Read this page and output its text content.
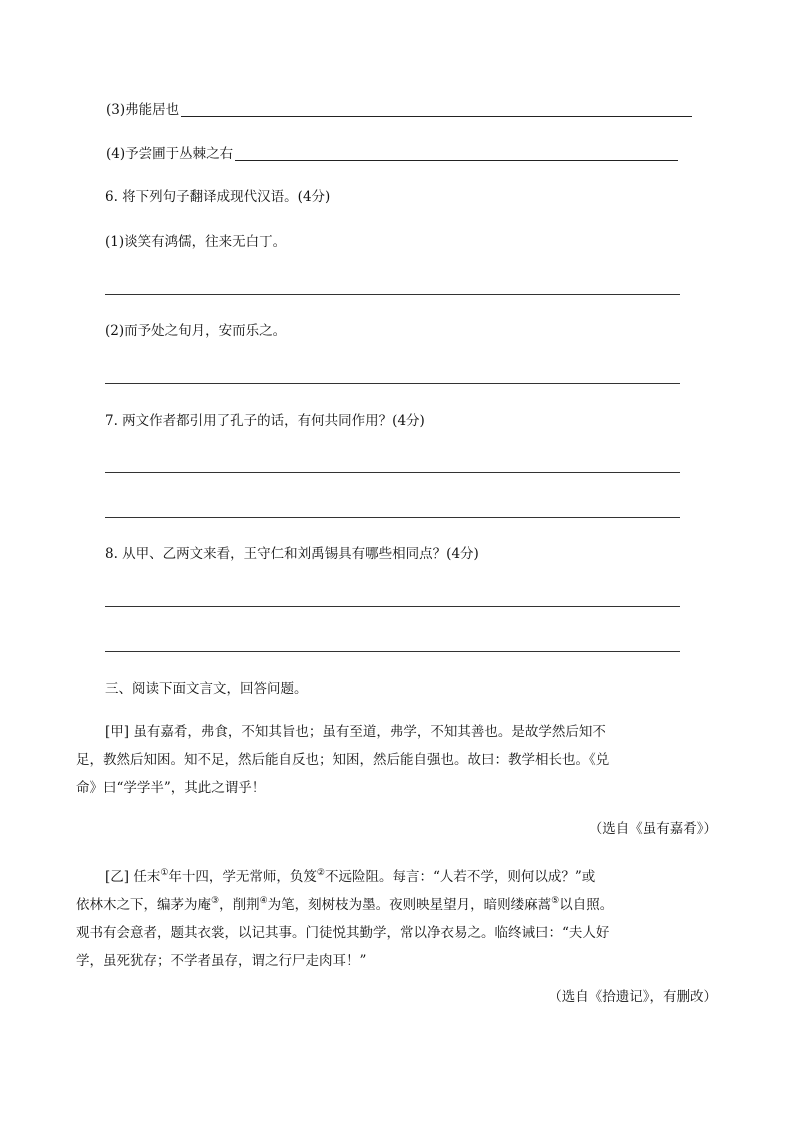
(3)弗能居也
(4)予尝圃于丛棘之右
6. 将下列句子翻译成现代汉语。(4分)
(1)谈笑有鸿儒，往来无白丁。
(2)而予处之旬月，安而乐之。
7. 两文作者都引用了孔子的话，有何共同作用？(4分)
8. 从甲、乙两文来看，王守仁和刘禹锡具有哪些相同点？(4分)
三、阅读下面文言文，回答问题。
[甲] 虽有嘉肴，弗食，不知其旨也；虽有至道，弗学，不知其善也。是故学然后知不
足，教然后知困。知不足，然后能自反也；知困，然后能自强也。故曰：教学相长也。《兑
命》曰“学学半”，其此之谓乎！
（选自《虽有嘉肴》）
[乙] 任末①年十四，学无常师，负笈②不远险阻。每言：“人若不学，则何以成？”或
依林木之下，编茅为庵③，削荆④为笔，刻树枝为墨。夜则映星望月，暗则缕麻蒿⑤以自照。
观书有会意者，题其衣裳，以记其事。门徒悦其勤学，常以净衣易之。临终诫曰：“夫人好
学，虽死犹存；不学者虽存，谓之行尸走肉耳！”
（选自《拾遗记》，有删改）
